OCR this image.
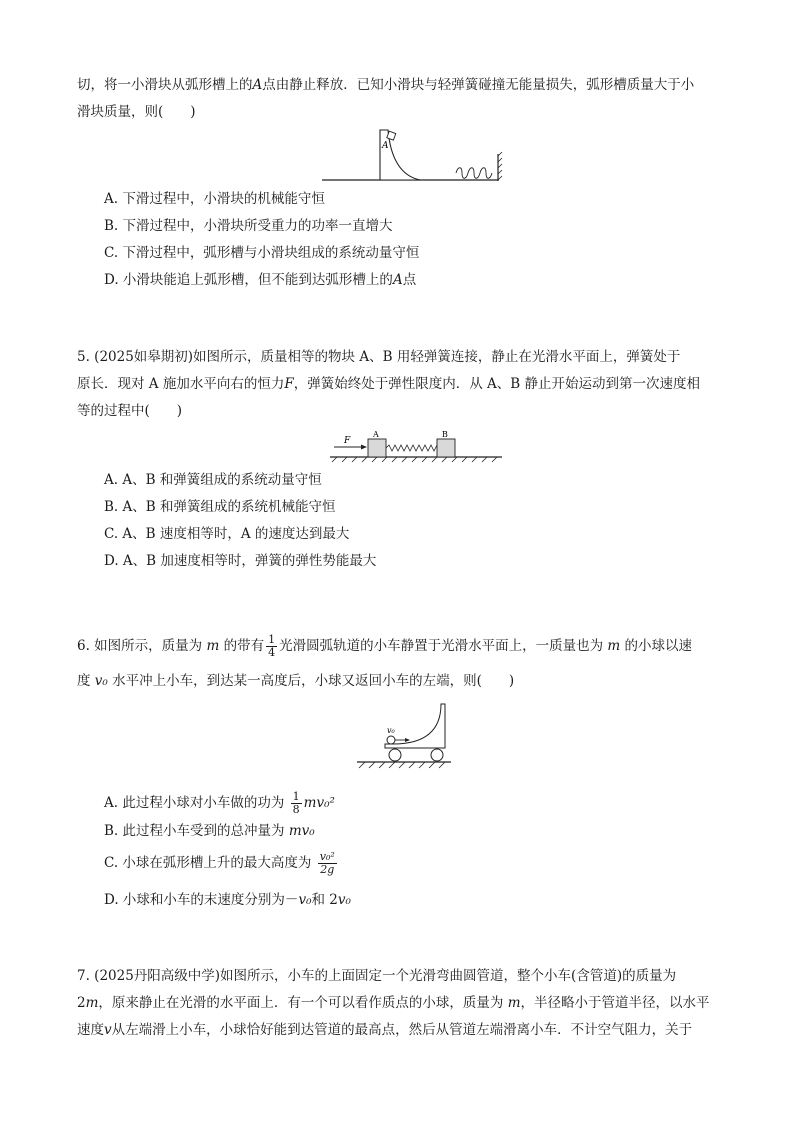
切，将一小滑块从弧形槽上的A点由静止释放．已知小滑块与轻弹簧碰撞无能量损失，弧形槽质量大于小

滑块质量，则(　　)

A

A. 下滑过程中，小滑块的机械能守恒

B. 下滑过程中，小滑块所受重力的功率一直增大

C. 下滑过程中，弧形槽与小滑块组成的系统动量守恒

D. 小滑块能追上弧形槽，但不能到达弧形槽上的A点

5. (2025如皋期初)如图所示，质量相等的物块 A、B 用轻弹簧连接，静止在光滑水平面上，弹簧处于

原长．现对 A 施加水平向右的恒力F，弹簧始终处于弹性限度内．从 A、B 静止开始运动到第一次速度相

等的过程中(　　)

F
A	B

A. A、B 和弹簧组成的系统动量守恒

B. A、B 和弹簧组成的系统机械能守恒

C. A、B 速度相等时，A 的速度达到最大

D. A、B 加速度相等时，弹簧的弹性势能最大

6. 如图所示，质量为 m 的带有 $\frac{1}{4}$ 光滑圆弧轨道的小车静置于光滑水平面上，一质量也为 m 的小球以速

度 v₀ 水平冲上小车，到达某一高度后，小球又返回小车的左端，则(　　)

v₀

A. 此过程小球对小车做的功为 $\frac{1}{8} mv_0^2$

B. 此过程小车受到的总冲量为 mv₀

C. 小球在弧形槽上升的最大高度为 $\frac{\text{v₀²}}{2g}$

D. 小球和小车的末速度分别为－v₀和 2v₀

7. (2025丹阳高级中学)如图所示，小车的上面固定一个光滑弯曲圆管道，整个小车(含管道)的质量为

2m，原来静止在光滑的水平面上．有一个可以看作质点的小球，质量为 m，半径略小于管道半径，以水平

速度v从左端滑上小车，小球恰好能到达管道的最高点，然后从管道左端滑离小车．不计空气阻力，关于
